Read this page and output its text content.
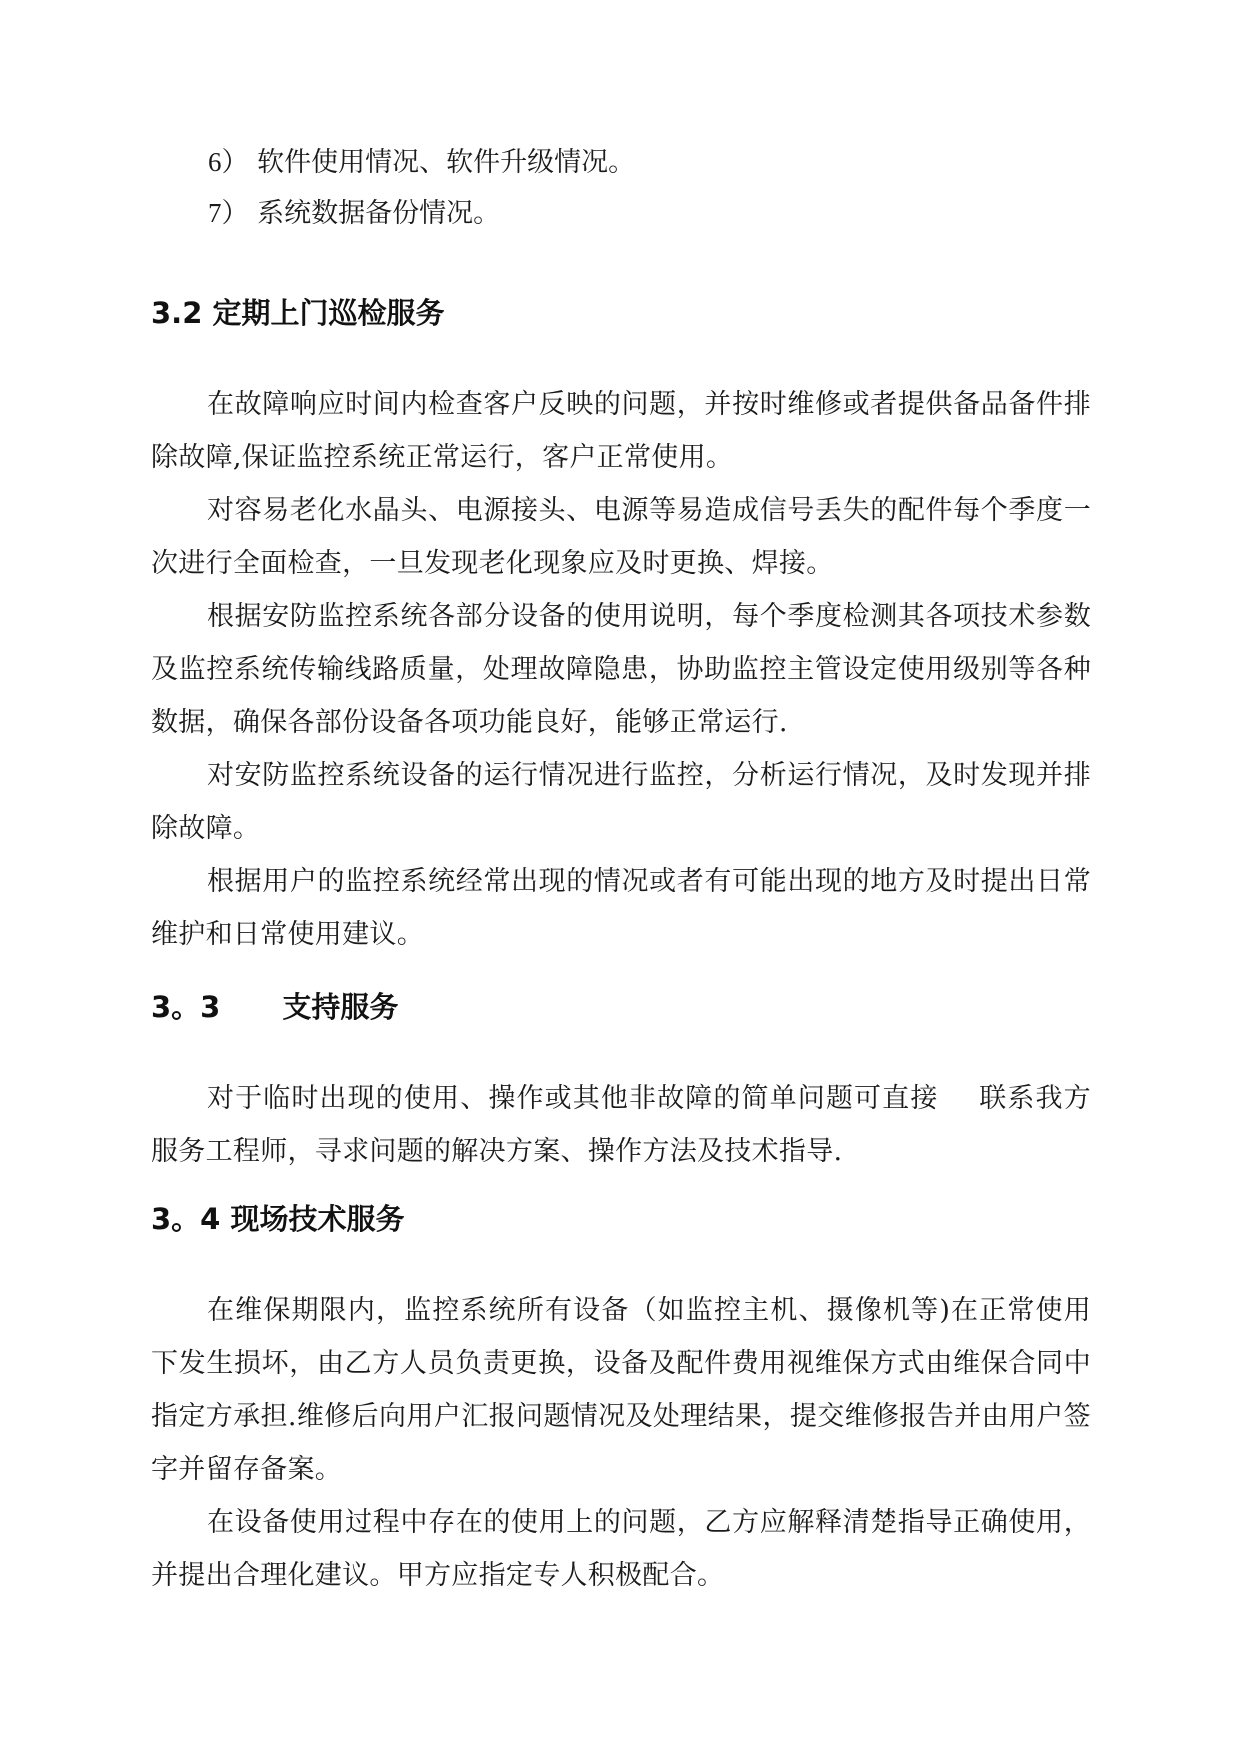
6） 软件使用情况、软件升级情况。

7） 系统数据备份情况。

3.2 定期上门巡检服务

在故障响应时间内检查客户反映的问题，并按时维修或者提供备品备件排除故障,保证监控系统正常运行，客户正常使用。

对容易老化水晶头、电源接头、电源等易造成信号丢失的配件每个季度一次进行全面检查，一旦发现老化现象应及时更换、焊接。

根据安防监控系统各部分设备的使用说明，每个季度检测其各项技术参数及监控系统传输线路质量，处理故障隐患，协助监控主管设定使用级别等各种数据，确保各部份设备各项功能良好，能够正常运行.

对安防监控系统设备的运行情况进行监控，分析运行情况，及时发现并排除故障。

根据用户的监控系统经常出现的情况或者有可能出现的地方及时提出日常维护和日常使用建议。

3。3 支持服务

对于临时出现的使用、操作或其他非故障的简单问题可直接 联系我方服务工程师，寻求问题的解决方案、操作方法及技术指导.

3。4 现场技术服务

在维保期限内，监控系统所有设备（如监控主机、摄像机等)在正常使用下发生损坏，由乙方人员负责更换，设备及配件费用视维保方式由维保合同中指定方承担.维修后向用户汇报问题情况及处理结果，提交维修报告并由用户签字并留存备案。

在设备使用过程中存在的使用上的问题，乙方应解释清楚指导正确使用，并提出合理化建议。甲方应指定专人积极配合。
